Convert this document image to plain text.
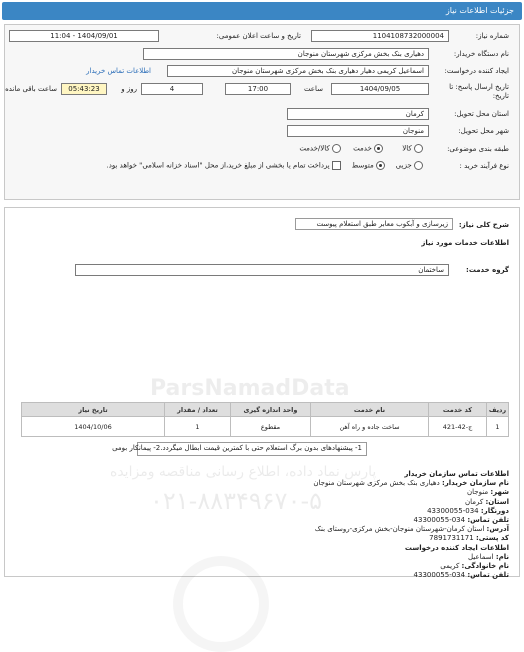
جزئیات اطلاعات نیاز
شماره نیاز:
1104108732000004
تاریخ و ساعت اعلان عمومی:
1404/09/01 - 11:04
نام دستگاه خریدار:
دهیاری بنک بخش مرکزی شهرستان منوجان
ایجاد کننده درخواست:
اسماعیل کریمی دهیار دهیاری بنک بخش مرکزی شهرستان منوجان
اطلاعات تماس خریدار
تاریخ ارسال پاسخ: تا تاریخ:
1404/09/05
ساعت
17:00
4
روز و
05:43:23
ساعت باقی مانده
استان محل تحویل:
کرمان
شهر محل تحویل:
منوجان
طبقه بندی موضوعی:
کالا
خدمت
کالا/خدمت
نوع فرآیند خرید :
جزیی
متوسط
پرداخت تمام یا بخشی از مبلغ خرید،از محل "اسناد خزانه اسلامی" خواهد بود.
شرح کلی نیاز:
زیرسازی و آبکوب معابر طبق استعلام پیوست
اطلاعات خدمات مورد نیاز
گروه خدمت:
ساختمان
ردیف	کد خدمت	نام خدمت	واحد اندازه گیری	تعداد / مقدار	تاریخ نیاز
1	ج-42-421	ساخت جاده و راه آهن	مقطوع	1	1404/10/06
1- پیشنهادهای بدون برگ استعلام حتی با کمترین قیمت ابطال میگردد.2- پیمانکار بومی
اطلاعات تماس سازمان خریدار
نام سازمان خریدار: دهیاری بنک بخش مرکزی شهرستان منوجان
شهر: منوجان
استان: کرمان
دورنگار: 034-43300055
تلفن تماس: 034-43300055
آدرس: استان کرمان-شهرستان منوجان-بخش مرکزی-روستای بنک
کد پستی: 7891731171
اطلاعات ایجاد کننده درخواست
نام: اسماعیل
نام خانوادگی: کریمی
تلفن تماس: 034-43300055
ParsNamadData
پارس نماد داده، اطلاع رسانی مناقصه ومزایده
۰۲۱-۸۸۳۴۹۶۷۰-۵
